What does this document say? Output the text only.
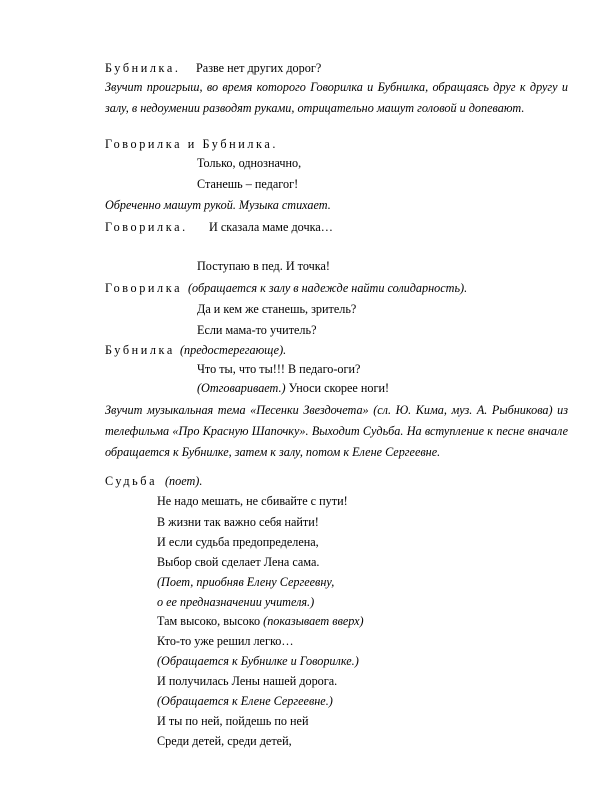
Бубнилка. Разве нет других дорог?
Звучит проигрыш, во время которого Говорилка и Бубнилка, обращаясь друг к другу и залу, в недоумении разводят руками, отрицательно машут головой и допевают.
Говорилка и Бубнилка.
Только, однозначно,
Станешь – педагог!
Обреченно машут рукой. Музыка стихает.
Говорилка. И сказала маме дочка…
Поступаю в пед. И точка!
Говорилка (обращается к залу в надежде найти солидарность).
Да и кем же станешь, зритель?
Если мама-то учитель?
Бубнилка (предостерегающе).
Что ты, что ты!!! В педаго-оги?
(Отговаривает.) Уноси скорее ноги!
Звучит музыкальная тема «Песенки Звездочета» (сл. Ю. Кима, муз. А. Рыбникова) из телефильма «Про Красную Шапочку». Выходит Судьба. На вступление к песне вначале обращается к Бубнилке, затем к залу, потом к Елене Сергеевне.
Судьба (поет).
Не надо мешать, не сбивайте с пути!
В жизни так важно себя найти!
И если судьба предопределена,
Выбор свой сделает Лена сама.
(Поет, приобняв Елену Сергеевну,
о ее предназначении учителя.)
Там высоко, высоко (показывает вверх)
Кто-то уже решил легко…
(Обращается к Бубнилке и Говорилке.)
И получилась Лены нашей дорога.
(Обращается к Елене Сергеевне.)
И ты по ней, пойдешь по ней
Среди детей, среди детей,
